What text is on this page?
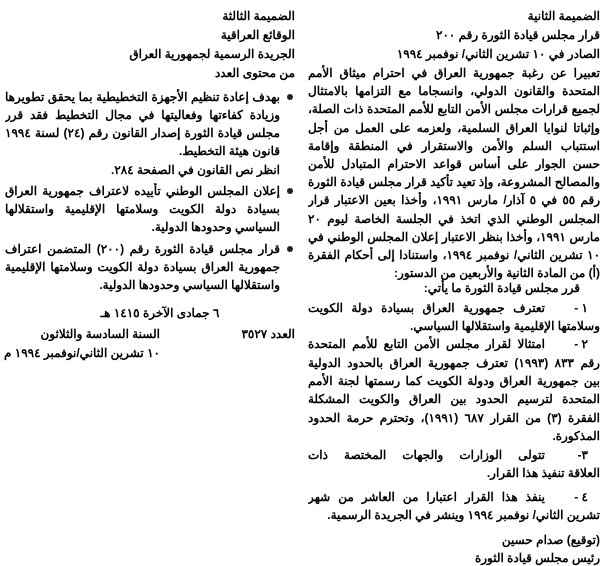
الضميمة الثانية
قرار مجلس قيادة الثورة رقم ٢٠٠
الصادر في ١٠ تشرين الثاني/ نوفمبر ١٩٩٤
تعبيرا عن رغبة جمهورية العراق في احترام ميثاق الأمم
المتحدة والقانون الدولي، وانسجاما مع التزامها بالامتثال
لجميع قرارات مجلس الأمن التابع للأمم المتحدة ذات الصلة،
وإثباتا لنوايا العراق السلمية، ولعزمه على العمل من أجل
استتباب السلم والأمن والاستقرار في المنطقة وإقامة
حسن الجوار على أساس قواعد الاحترام المتبادل للأمن
والمصالح المشروعة، وإذ تعيد تأكيد قرار مجلس قيادة الثورة
رقم ٥٥ في ٥ آذار/ مارس ١٩٩١، وأخذا بعين الاعتبار قرار
المجلس الوطني الذي اتخذ في الجلسة الخاصة ليوم ٢٠
مارس ١٩٩١، وأخذا بنظر الاعتبار إعلان المجلس الوطني في
١٠ تشرين الثاني/ نوفمبر ١٩٩٤، واستنادا إلى أحكام الفقرة
(أ) من المادة الثانية والأربعين من الدستور:
قرر مجلس قيادة الثورة ما يأتي:
١ -
تعترف جمهورية العراق بسيادة دولة الكويت
وسلامتها الإقليمية واستقلالها السياسي.
٢ -
امتثالا لقرار مجلس الأمن التابع للأمم المتحدة
رقم ٨٣٣ (١٩٩٣) تعترف جمهورية العراق بالحدود الدولية
بين جمهورية العراق ودولة الكويت كما رسمتها لجنة الأمم
المتحدة لترسيم الحدود بين العراق والكويت المشكلة
الفقرة (٣) من القرار ٦٨٧ (١٩٩١)، وتحترم حرمة الحدود
المذكورة.
٣-
تتولى الوزارات والجهات المختصة ذات
العلاقة تنفيذ هذا القرار.
٤ -
ينفذ هذا القرار اعتبارا من العاشر من شهر
تشرين الثاني/ نوفمبر ١٩٩٤ وينشر في الجريدة الرسمية.
(توقيع) صدام حسين
رئيس مجلس قيادة الثورة
الضميمة الثالثة
الوقائع العراقية
الجريدة الرسمية لجمهورية العراق
من محتوى العدد
بهدف إعادة تنظيم الأجهزة التخطيطية بما يحقق تطويرها
وزيادة كفاءتها وفعاليتها في مجال التخطيط فقد قرر
مجلس قيادة الثورة إصدار القانون رقم (٢٤) لسنة ١٩٩٤
قانون هيئة التخطيط.
إعلان المجلس الوطني تأييده لاعتراف جمهورية العراق
بسيادة دولة الكويت وسلامتها الإقليمية واستقلالها
السياسي وحدودها الدولية.
قرار مجلس قيادة الثورة رقم (٢٠٠) المتضمن اعتراف
جمهورية العراق بسيادة دولة الكويت وسلامتها الإقليمية
واستقلالها السياسي وحدودها الدولية.
انظر نص القانون في الصفحة ٢٨٤.
٦ جمادى الآخرة ١٤١٥ هـ
العدد ٣٥٢٧
السنة السادسة والثلاثون
١٠ تشرين الثاني/نوفمبر ١٩٩٤ م
